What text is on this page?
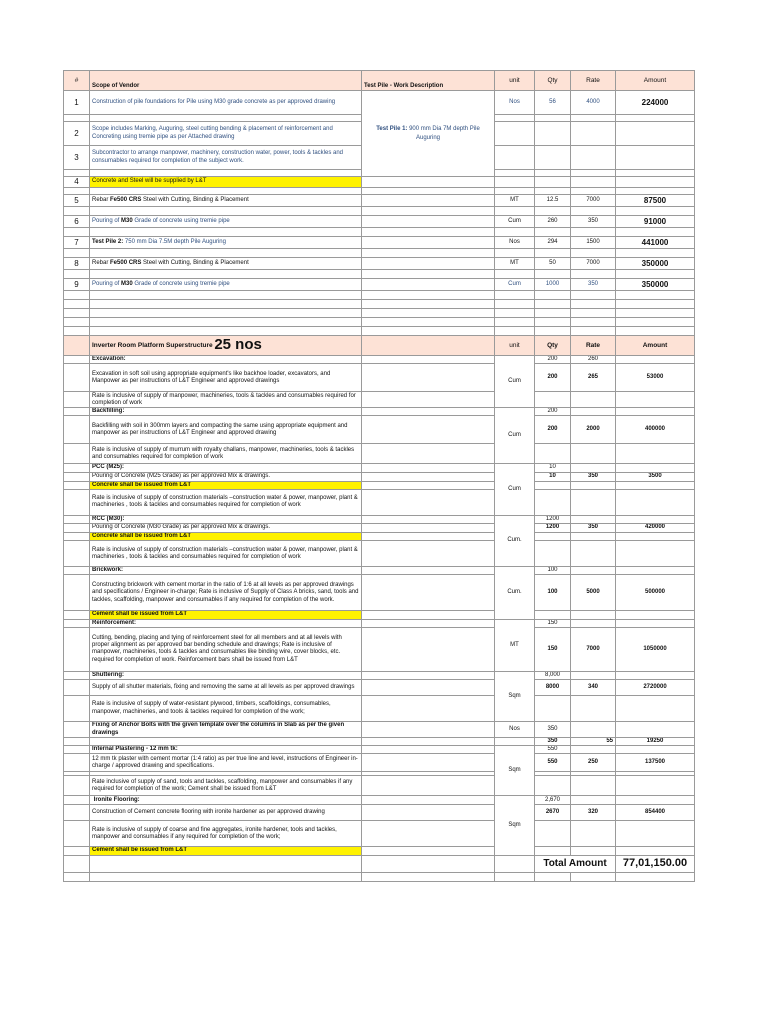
#	Scope of Vendor	Test Pile - Work Description	unit	Qty	Rate	Amount
1	Construction of pile foundations for Pile using M30 grade concrete as per approved drawing	Test Pile 1: 900 mm Dia 7M depth Pile Auguring	Nos	56	4000	224000

2	Scope includes Marking, Auguring, steel cutting bending & placement of reinforcement and Concreting using tremie pipe as per Attached drawing					
3	Subcontractor to arrange manpower, machinery, construction water, power, tools & tackles and consumables required for completion of the subject work.					

4	Concrete and Steel will be supplied by L&T					

5	Rebar Fe500 CRS Steel with Cutting, Binding & Placement		MT	12.5	7000	87500

6	Pouring of M30 Grade of concrete using tremie pipe		Cum	260	350	91000

7	Test Pile 2: 750 mm Dia 7.5M depth Pile Auguring		Nos	294	1500	441000

8	Rebar Fe500 CRS Steel with Cutting, Binding & Placement		MT	50	7000	350000

9	Pouring of M30 Grade of concrete using tremie pipe		Cum	1000	350	350000

	Inverter Room Platform Superstructure 25 nos		unit	Qty	Rate	Amount
	Excavation:		Cum	200	260	
	Excavation in soft soil using appropriate equipment's like backhoe loader, excavators, and Manpower as per instructions of L&T Engineer and approved drawings			200	265	53000
	Rate is inclusive of supply of manpower, machineries, tools & tackles and consumables required for completion of work					
	Backfilling:		Cum	200		
	Backfilling with soil in 300mm layers and compacting the same using appropriate equipment and manpower as per instructions of L&T Engineer and approved drawing			200	2000	400000
	Rate is inclusive of supply of murrum with royalty challans, manpower, machineries, tools & tackles and consumables required for completion of work					
	PCC (M25):		Cum	10		
	Pouring of Concrete (M25 Grade) as per approved Mix & drawings.			10	350	3500
	Concrete shall be issued from L&T					
	Rate is inclusive of supply of construction materials –construction water & power, manpower, plant & machineries , tools & tackles and consumables required for completion of work					
	RCC (M30):		Cum.	1200		
	Pouring of Concrete (M30 Grade) as per approved Mix & drawings.			1200	350	420000
	Concrete shall be issued from L&T					
	Rate is inclusive of supply of construction materials –construction water & power, manpower, plant & machineries , tools & tackles and consumables required for completion of work					
	Brickwork:		Cum.	100		
	Constructing brickwork with cement mortar in the ratio of 1:6 at all levels as per approved drawings and specifications / Engineer in-charge; Rate is inclusive of Supply of Class A bricks, sand, tools and tackles, scaffolding, manpower and consumables if any required for completion of the work.			100	5000	500000
	Cement shall be issued from L&T					
	Reinforcement:		MT	150		
	Cutting, bending, placing and tying of reinforcement steel for all members and at all levels with proper alignment as per approved bar bending schedule and drawings; Rate is inclusive of manpower, machineries, tools & tackles and consumables like binding wire, cover blocks, etc. required for completion of work. Reinforcement bars shall be issued from L&T			150	7000	1050000
	Shuttering:		Sqm	8,000		
	Supply of all shutter materials, fixing and removing the same at all levels as per approved drawings			8000	340	2720000
	Rate is inclusive of supply of water-resistant plywood, timbers, scaffoldings, consumables, manpower, machineries, and tools & tackles required for completion of the work;					
	Fixing of Anchor Bolts with the given template over the columns in Slab as per the given drawings		Nos	350		
				350	55	19250
	Internal Plastering - 12 mm tk:		Sqm	550		
	12 mm tk plaster with cement mortar (1:4 ratio) as per true line and level, instructions of Engineer in-charge / approved drawing and specifications.			550	250	137500

	Rate inclusive of supply of sand, tools and tackles, scaffolding, manpower and consumables if any required for completion of the work; Cement shall be issued from L&T					
	Ironite Flooring:		Sqm	2,670		
	Construction of Cement concrete flooring with ironite hardener as per approved drawing			2670	320	854400
	Rate is inclusive of supply of coarse and fine aggregates, ironite hardener, tools and tackles, manpower and consumables if any required for completion of the work;					
	Cement shall be issued from L&T					
				Total Amount		77,01,150.00
